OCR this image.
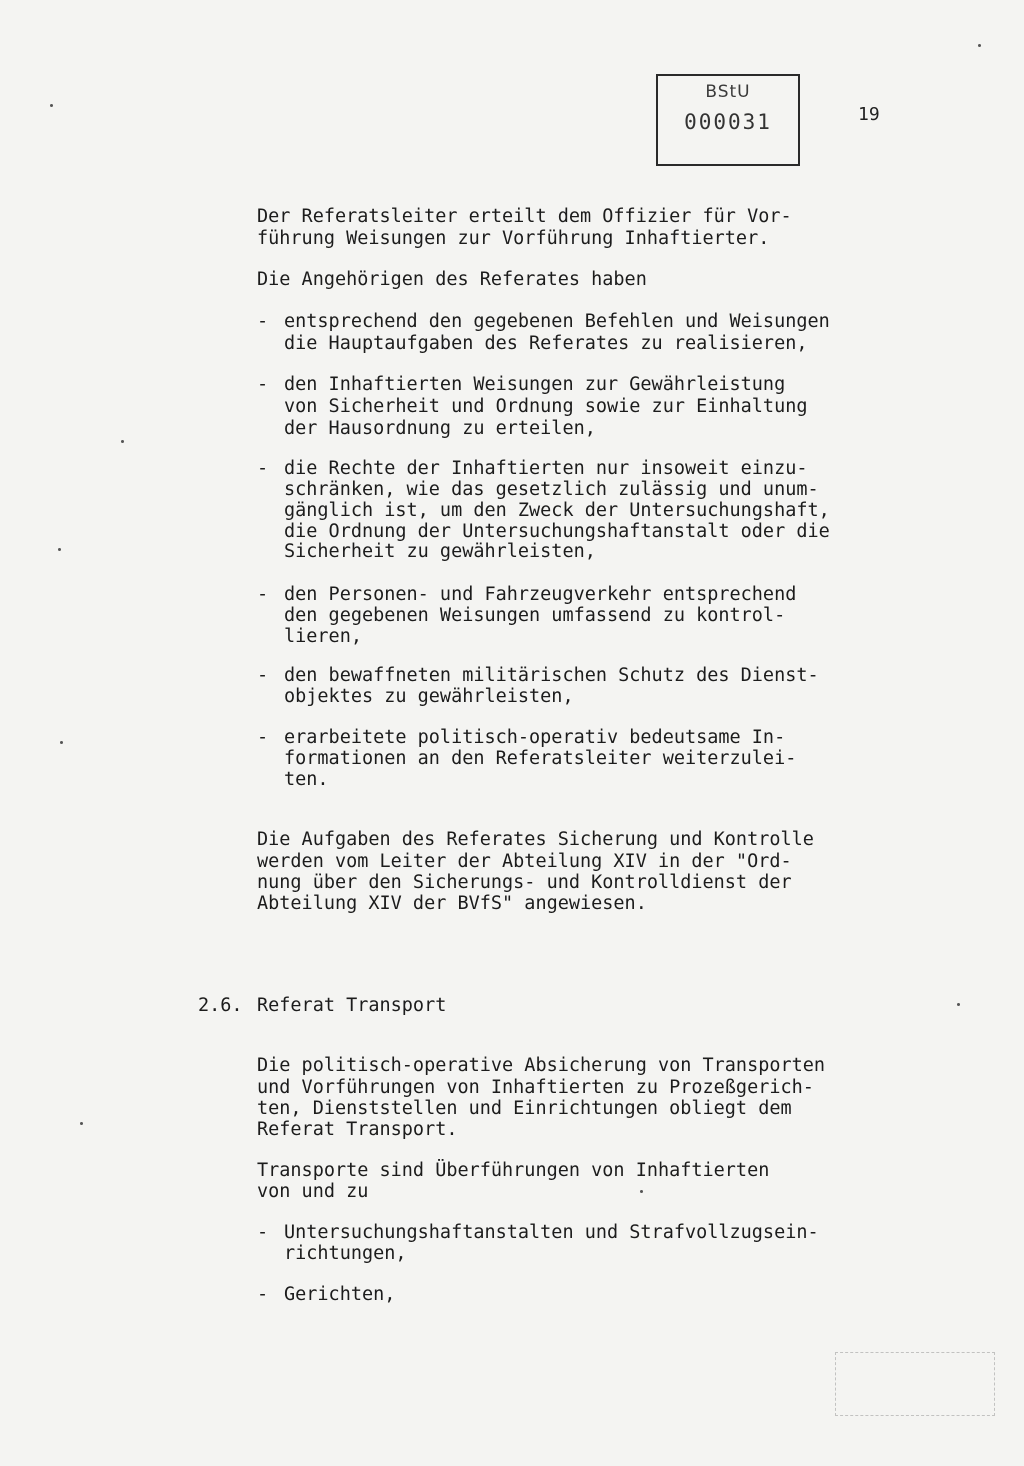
BStU
000031	19
Der Referatsleiter erteilt dem Offizier für Vor-
führung Weisungen zur Vorführung Inhaftierter.
Die Angehörigen des Referates haben
- entsprechend den gegebenen Befehlen und Weisungen
die Hauptaufgaben des Referates zu realisieren,
- den Inhaftierten Weisungen zur Gewährleistung
von Sicherheit und Ordnung sowie zur Einhaltung
der Hausordnung zu erteilen,
- die Rechte der Inhaftierten nur insoweit einzu-
schränken, wie das gesetzlich zulässig und unum-
gänglich ist, um den Zweck der Untersuchungshaft,
die Ordnung der Untersuchungshaftanstalt oder die
Sicherheit zu gewährleisten,
- den Personen- und Fahrzeugverkehr entsprechend
den gegebenen Weisungen umfassend zu kontrol-
lieren,
- den bewaffneten militärischen Schutz des Dienst-
objektes zu gewährleisten,
- erarbeitete politisch-operativ bedeutsame In-
formationen an den Referatsleiter weiterzulei-
ten.
Die Aufgaben des Referates Sicherung und Kontrolle
werden vom Leiter der Abteilung XIV in der "Ord-
nung über den Sicherungs- und Kontrolldienst der
Abteilung XIV der BVfS" angewiesen.
2.6. Referat Transport
Die politisch-operative Absicherung von Transporten
und Vorführungen von Inhaftierten zu Prozeßgerich-
ten, Dienststellen und Einrichtungen obliegt dem
Referat Transport.
Transporte sind Überführungen von Inhaftierten
von und zu
- Untersuchungshaftanstalten und Strafvollzugsein-
richtungen,
- Gerichten,
